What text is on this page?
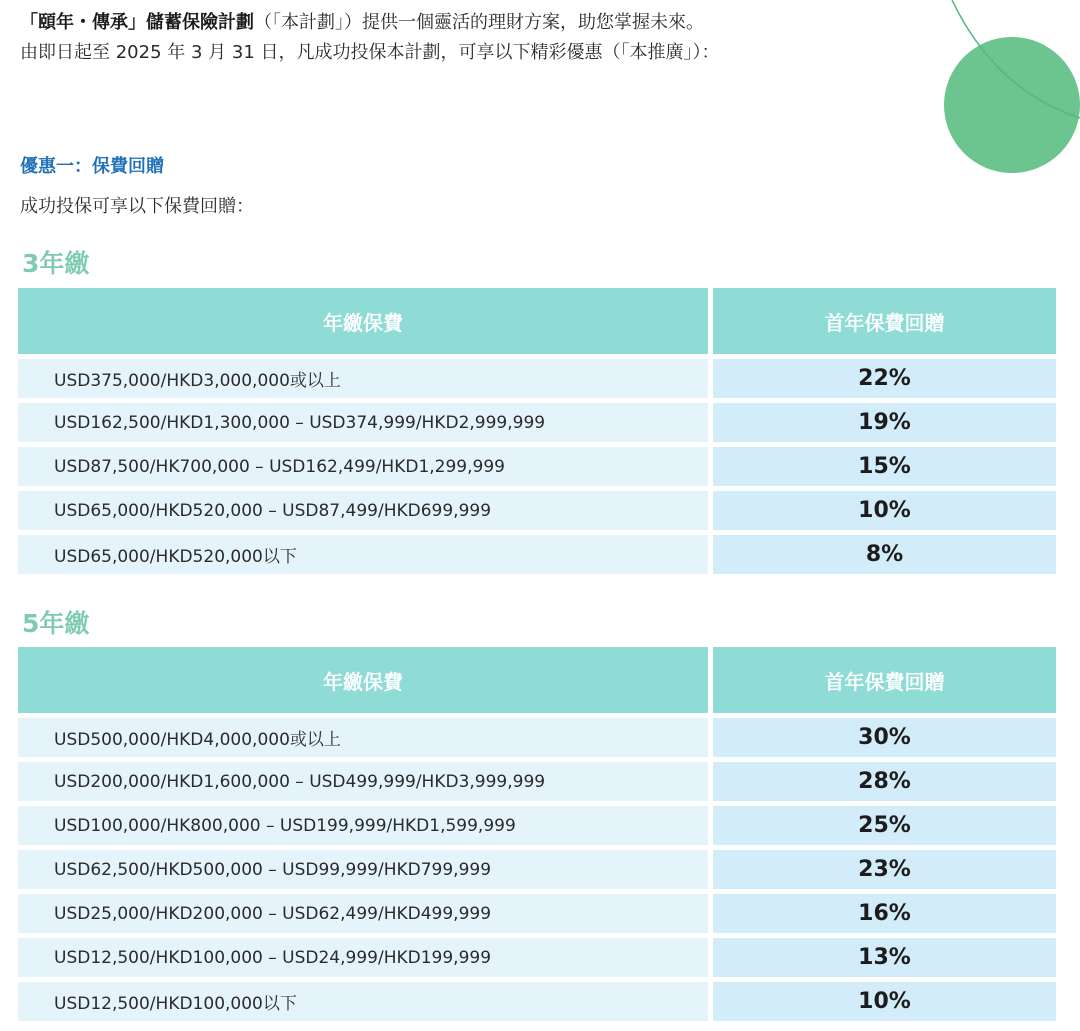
「頤年・傳承」儲蓄保險計劃（「本計劃」）提供一個靈活的理財方案，助您掌握未來。
由即日起至 2025 年 3 月 31 日，凡成功投保本計劃，可享以下精彩優惠（「本推廣」）：
優惠一：保費回贈
成功投保可享以下保費回贈：
3年繳
年繳保費	首年保費回贈
USD375,000/HKD3,000,000或以上	22%
USD162,500/HKD1,300,000 – USD374,999/HKD2,999,999	19%
USD87,500/HK700,000 – USD162,499/HKD1,299,999	15%
USD65,000/HKD520,000 – USD87,499/HKD699,999	10%
USD65,000/HKD520,000以下	8%
5年繳
年繳保費	首年保費回贈
USD500,000/HKD4,000,000或以上	30%
USD200,000/HKD1,600,000 – USD499,999/HKD3,999,999	28%
USD100,000/HK800,000 – USD199,999/HKD1,599,999	25%
USD62,500/HKD500,000 – USD99,999/HKD799,999	23%
USD25,000/HKD200,000 – USD62,499/HKD499,999	16%
USD12,500/HKD100,000 – USD24,999/HKD199,999	13%
USD12,500/HKD100,000以下	10%
